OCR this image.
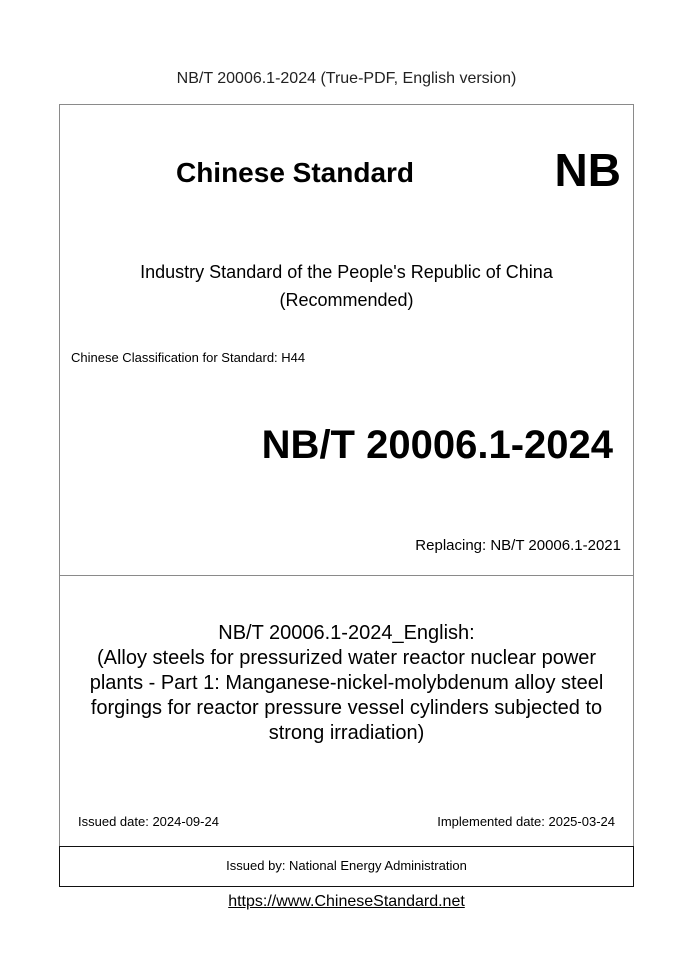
NB/T 20006.1-2024 (True-PDF, English version)
Chinese Standard	NB
Industry Standard of the People's Republic of China
(Recommended)
Chinese Classification for Standard: H44
NB/T 20006.1-2024
Replacing: NB/T 20006.1-2021
NB/T 20006.1-2024_English:
(Alloy steels for pressurized water reactor nuclear power
plants - Part 1: Manganese-nickel-molybdenum alloy steel
forgings for reactor pressure vessel cylinders subjected to
strong irradiation)
Issued date: 2024-09-24	Implemented date: 2025-03-24
Issued by: National Energy Administration
https://www.ChineseStandard.net
